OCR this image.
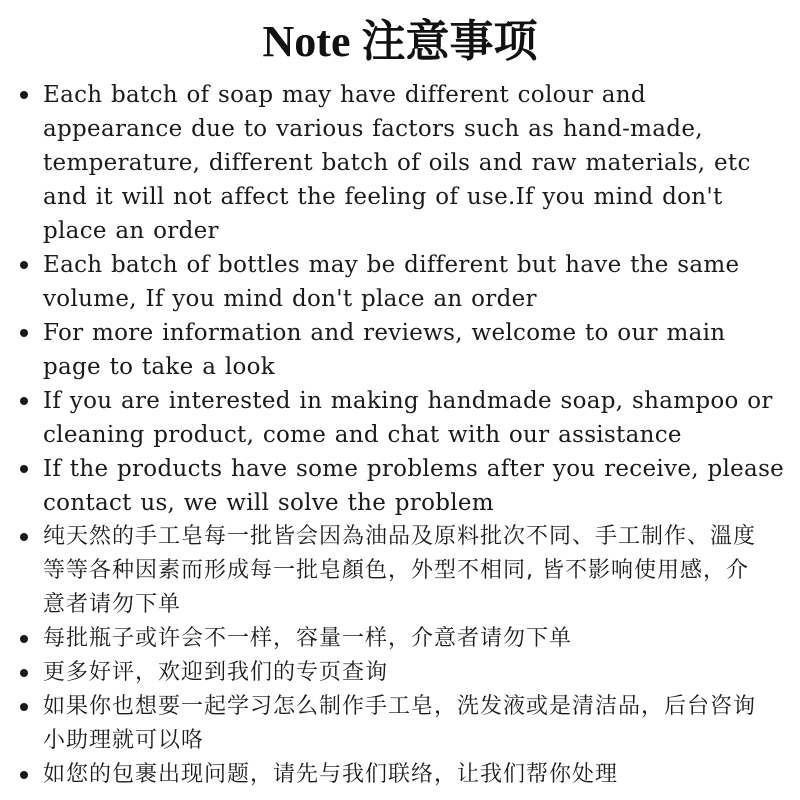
Note 注意事项
Each batch of soap may have different colour and appearance due to various factors such as hand-made, temperature, different batch of oils and raw materials, etc and it will not affect the feeling of use.If you mind don't place an order
Each batch of bottles may be different but have the same volume, If you mind don't place an order
For more information and reviews, welcome to our main page to take a look
If you are interested in making handmade soap, shampoo or cleaning product, come and chat with our assistance
If the products have some problems after you receive, please contact us, we will solve the problem
纯天然的手工皂每一批皆会因為油品及原料批次不同、手工制作、溫度等等各种因素而形成每一批皂顏色，外型不相同, 皆不影响使用感，介意者请勿下单
每批瓶子或许会不一样，容量一样，介意者请勿下单
更多好评，欢迎到我们的专页查询
如果你也想要一起学习怎么制作手工皂，洗发液或是清洁品，后台咨询小助理就可以咯
如您的包裹出现问题，请先与我们联络，让我们帮你处理
